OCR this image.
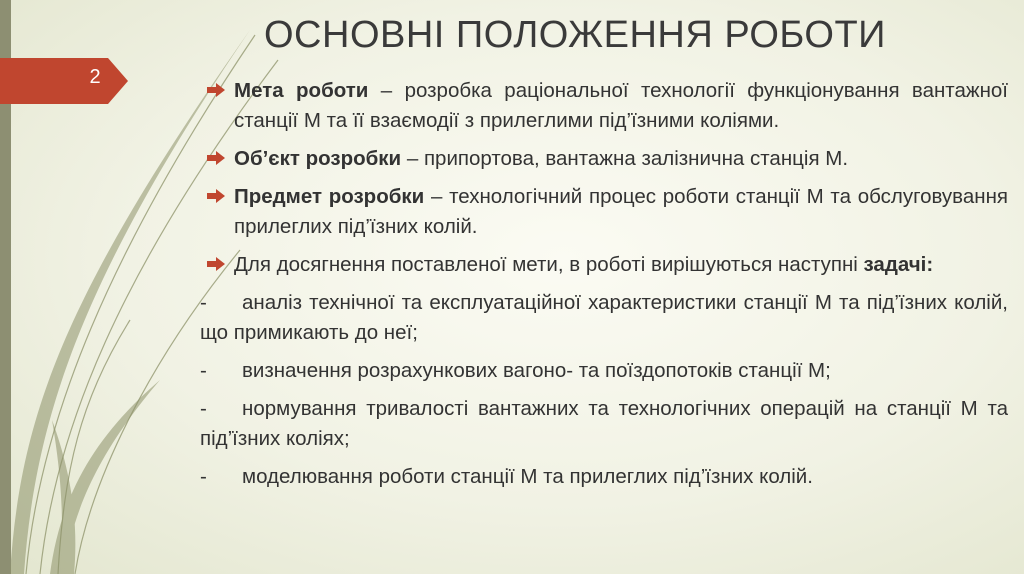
2
ОСНОВНІ ПОЛОЖЕННЯ РОБОТИ
Мета роботи – розробка раціональної технології функціонування вантажної станції М та її взаємодії з прилеглими під’їзними коліями.
Об’єкт розробки – припортова, вантажна залізнична станція М.
Предмет розробки – технологічний процес роботи станції М та обслуговування прилеглих під’їзних колій.
Для досягнення поставленої мети, в роботі вирішуються наступні задачі:
- аналіз технічної та експлуатаційної характеристики станції М та під’їзних колій, що примикають до неї;
- визначення розрахункових вагоно- та поїздопотоків станції М;
- нормування тривалості вантажних та технологічних операцій на станції М та під’їзних коліях;
- моделювання роботи станції М та прилеглих під’їзних колій.
